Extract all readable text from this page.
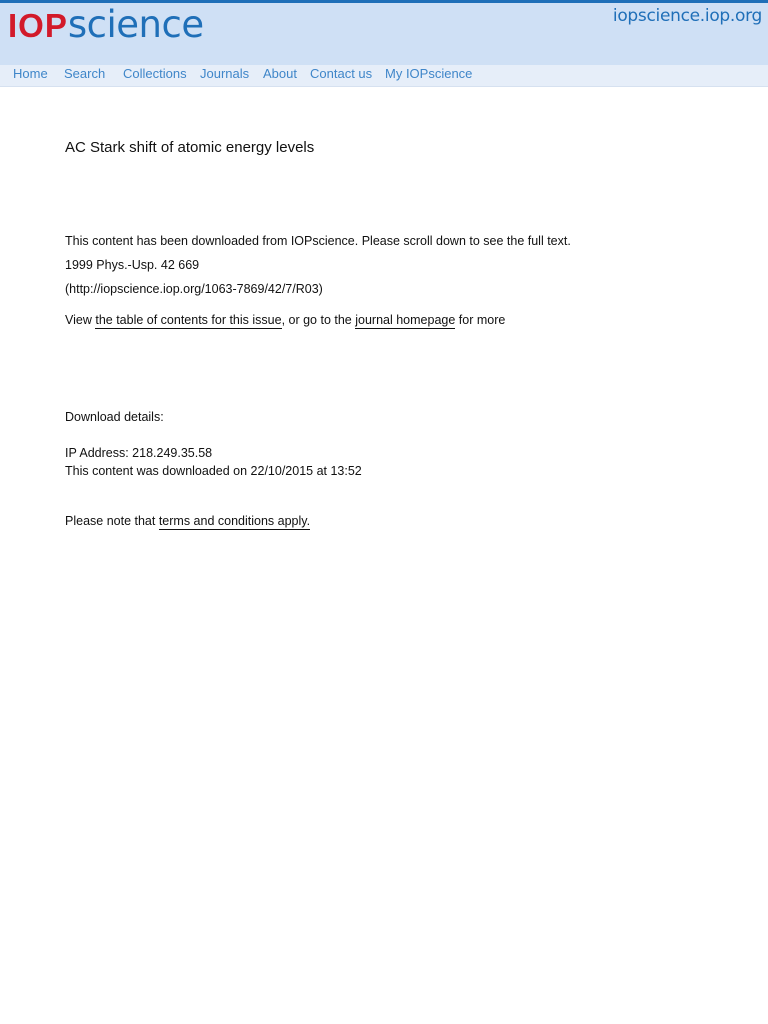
IOPscience	iopscience.iop.org
Home Search Collections Journals About Contact us My IOPscience
AC Stark shift of atomic energy levels
This content has been downloaded from IOPscience. Please scroll down to see the full text.
1999 Phys.-Usp. 42 669
(http://iopscience.iop.org/1063-7869/42/7/R03)
View the table of contents for this issue, or go to the journal homepage for more
Download details:
IP Address: 218.249.35.58
This content was downloaded on 22/10/2015 at 13:52
Please note that terms and conditions apply.
